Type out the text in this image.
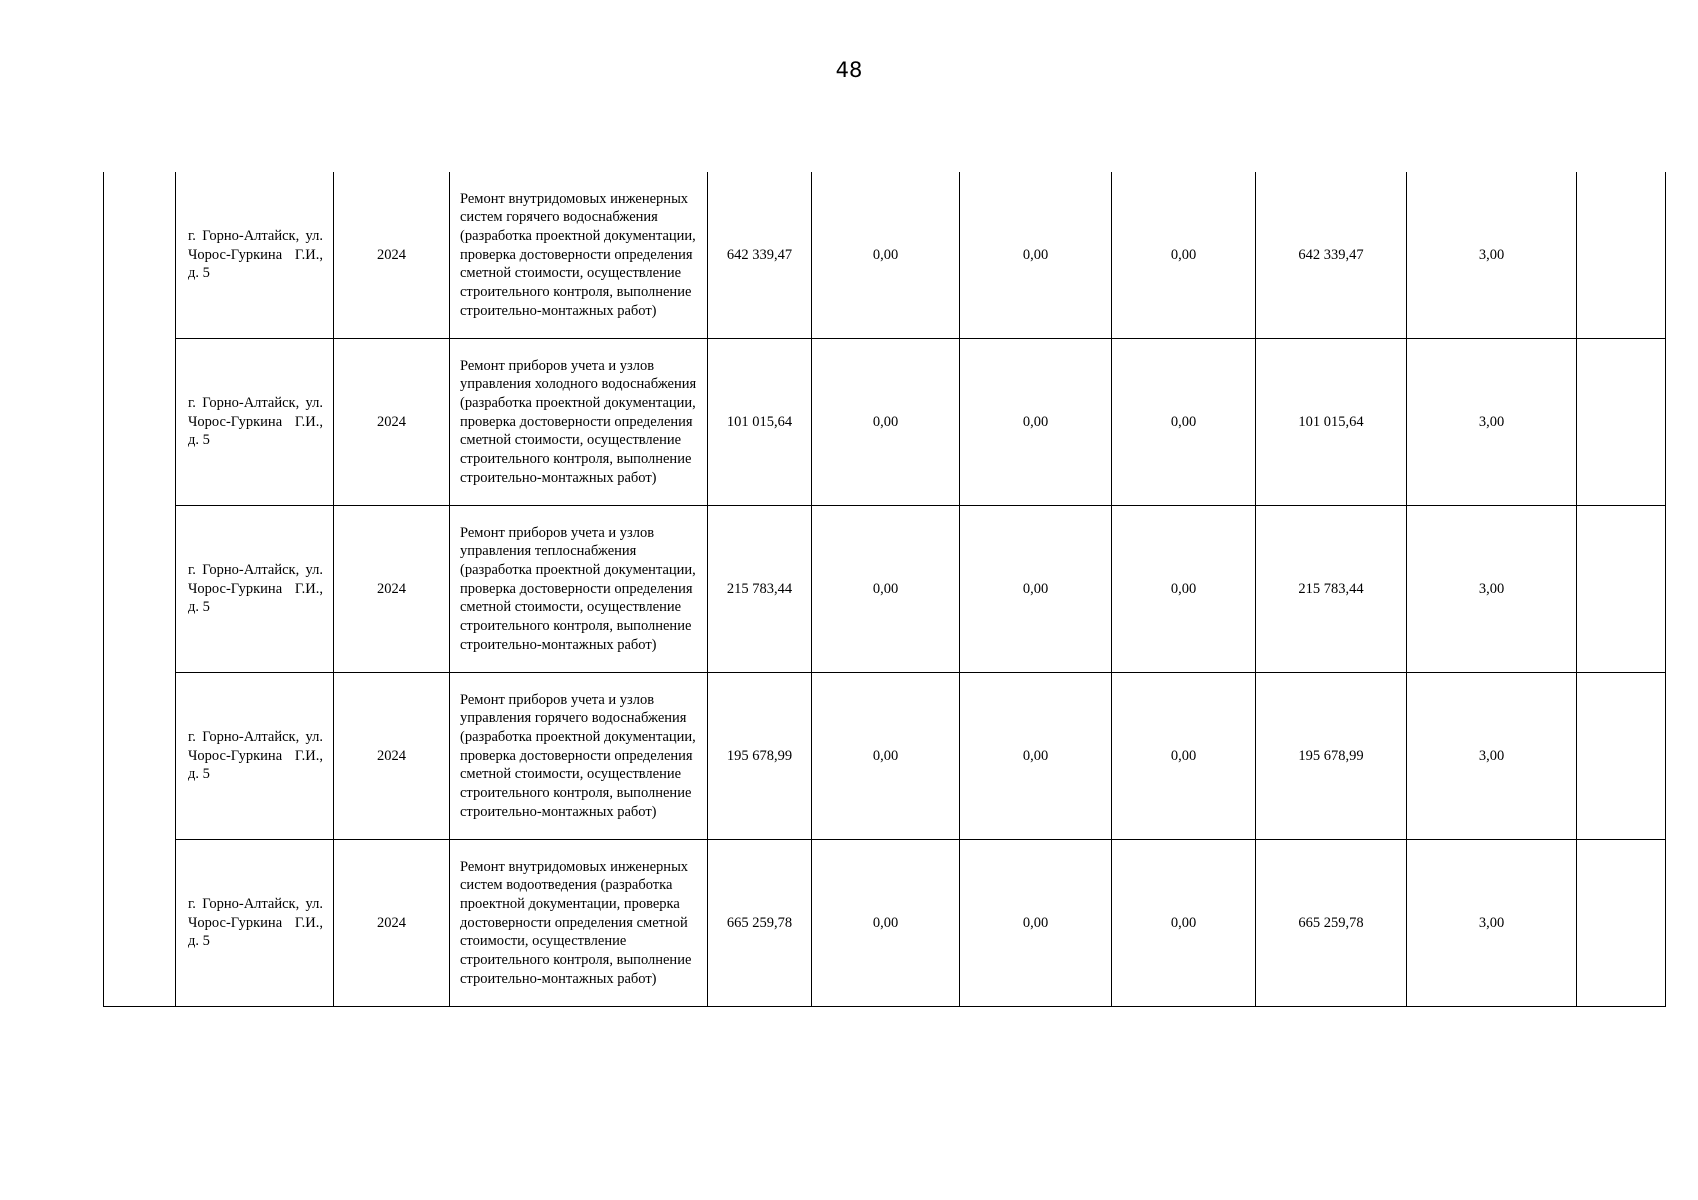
48
	г. Горно-Алтайск, ул. Чорос-Гуркина Г.И., д. 5	2024	Ремонт внутридомовых инженерных систем горячего водоснабжения (разработка проектной документации, проверка достоверности определения сметной стоимости, осуществление строительного контроля, выполнение строительно-монтажных работ)	642 339,47	0,00	0,00	0,00	642 339,47	3,00	
	г. Горно-Алтайск, ул. Чорос-Гуркина Г.И., д. 5	2024	Ремонт приборов учета и узлов управления холодного водоснабжения (разработка проектной документации, проверка достоверности определения сметной стоимости, осуществление строительного контроля, выполнение строительно-монтажных работ)	101 015,64	0,00	0,00	0,00	101 015,64	3,00	
	г. Горно-Алтайск, ул. Чорос-Гуркина Г.И., д. 5	2024	Ремонт приборов учета и узлов управления теплоснабжения (разработка проектной документации, проверка достоверности определения сметной стоимости, осуществление строительного контроля, выполнение строительно-монтажных работ)	215 783,44	0,00	0,00	0,00	215 783,44	3,00	
	г. Горно-Алтайск, ул. Чорос-Гуркина Г.И., д. 5	2024	Ремонт приборов учета и узлов управления горячего водоснабжения (разработка проектной документации, проверка достоверности определения сметной стоимости, осуществление строительного контроля, выполнение строительно-монтажных работ)	195 678,99	0,00	0,00	0,00	195 678,99	3,00	
	г. Горно-Алтайск, ул. Чорос-Гуркина Г.И., д. 5	2024	Ремонт внутридомовых инженерных систем водоотведения (разработка проектной документации, проверка достоверности определения сметной стоимости, осуществление строительного контроля, выполнение строительно-монтажных работ)	665 259,78	0,00	0,00	0,00	665 259,78	3,00	
